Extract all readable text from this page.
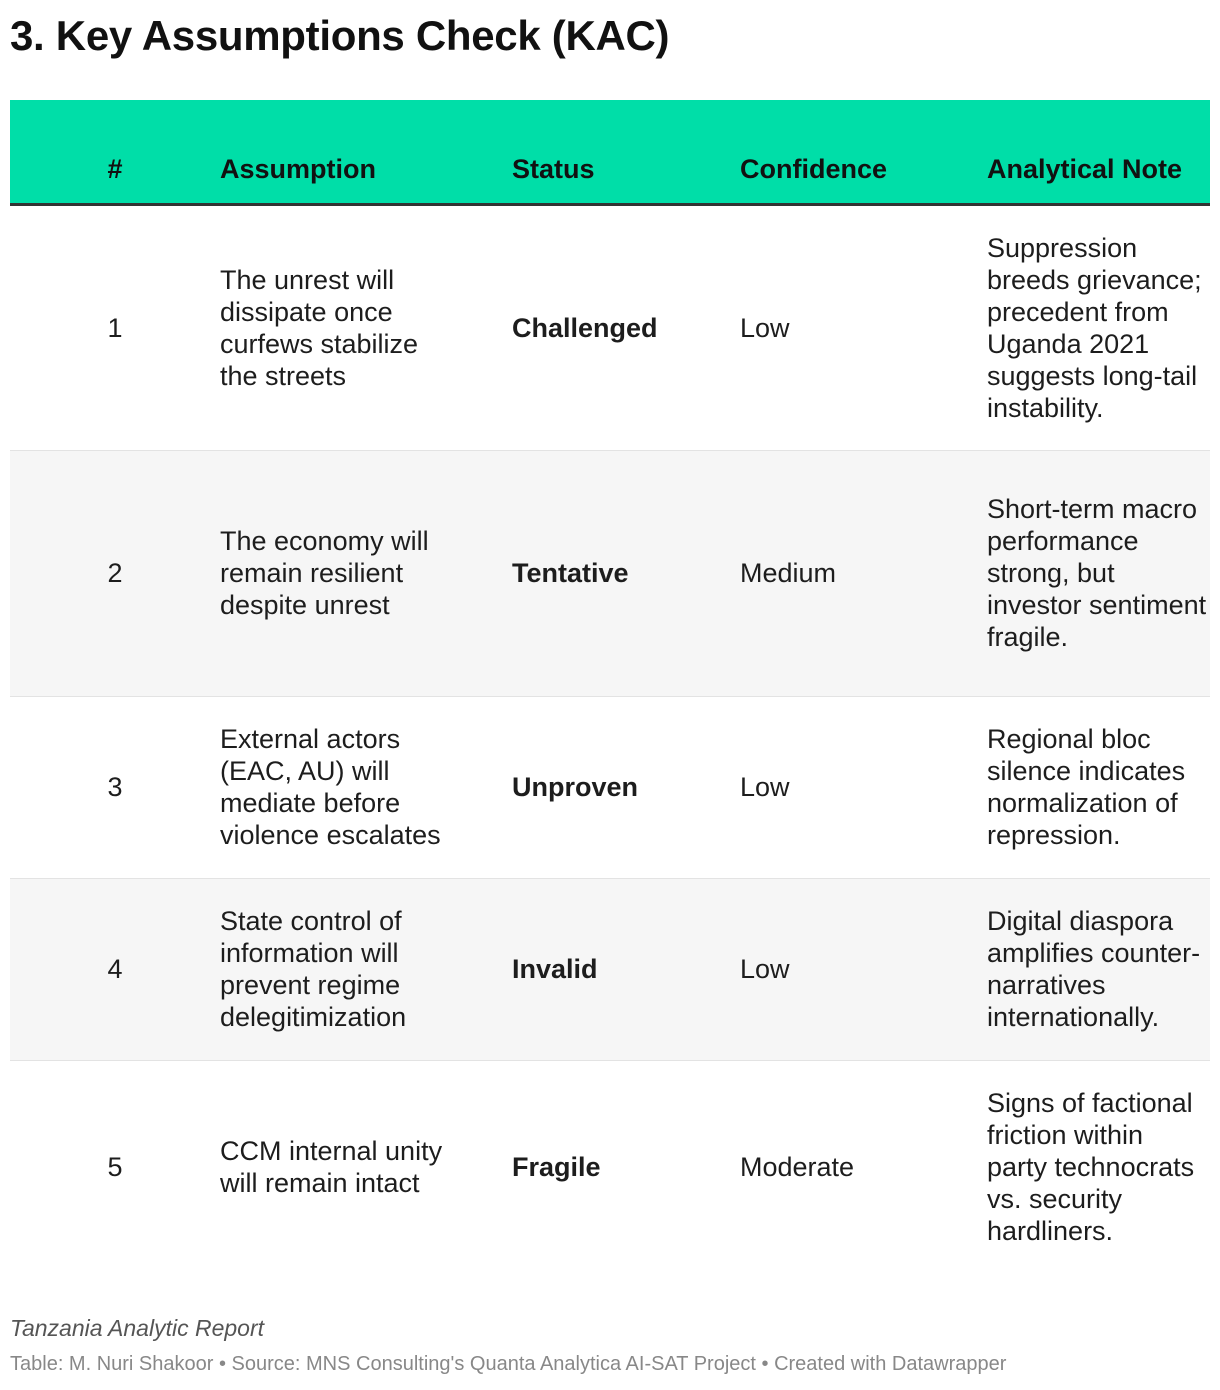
3. Key Assumptions Check (KAC)
#	Assumption	Status	Confidence	Analytical Note
1	The unrest will dissipate once curfews stabilize the streets	Challenged	Low	Suppression breeds grievance; precedent from Uganda 2021 suggests long-tail instability.
2	The economy will remain resilient despite unrest	Tentative	Medium	Short-term macro performance strong, but investor sentiment fragile.
3	External actors (EAC, AU) will mediate before violence escalates	Unproven	Low	Regional bloc silence indicates normalization of repression.
4	State control of information will prevent regime delegitimization	Invalid	Low	Digital diaspora amplifies counter-narratives internationally.
5	CCM internal unity will remain intact	Fragile	Moderate	Signs of factional friction within party technocrats vs. security hardliners.

Tanzania Analytic Report

Table: M. Nuri Shakoor • Source: MNS Consulting's Quanta Analytica AI-SAT Project • Created with Datawrapper
